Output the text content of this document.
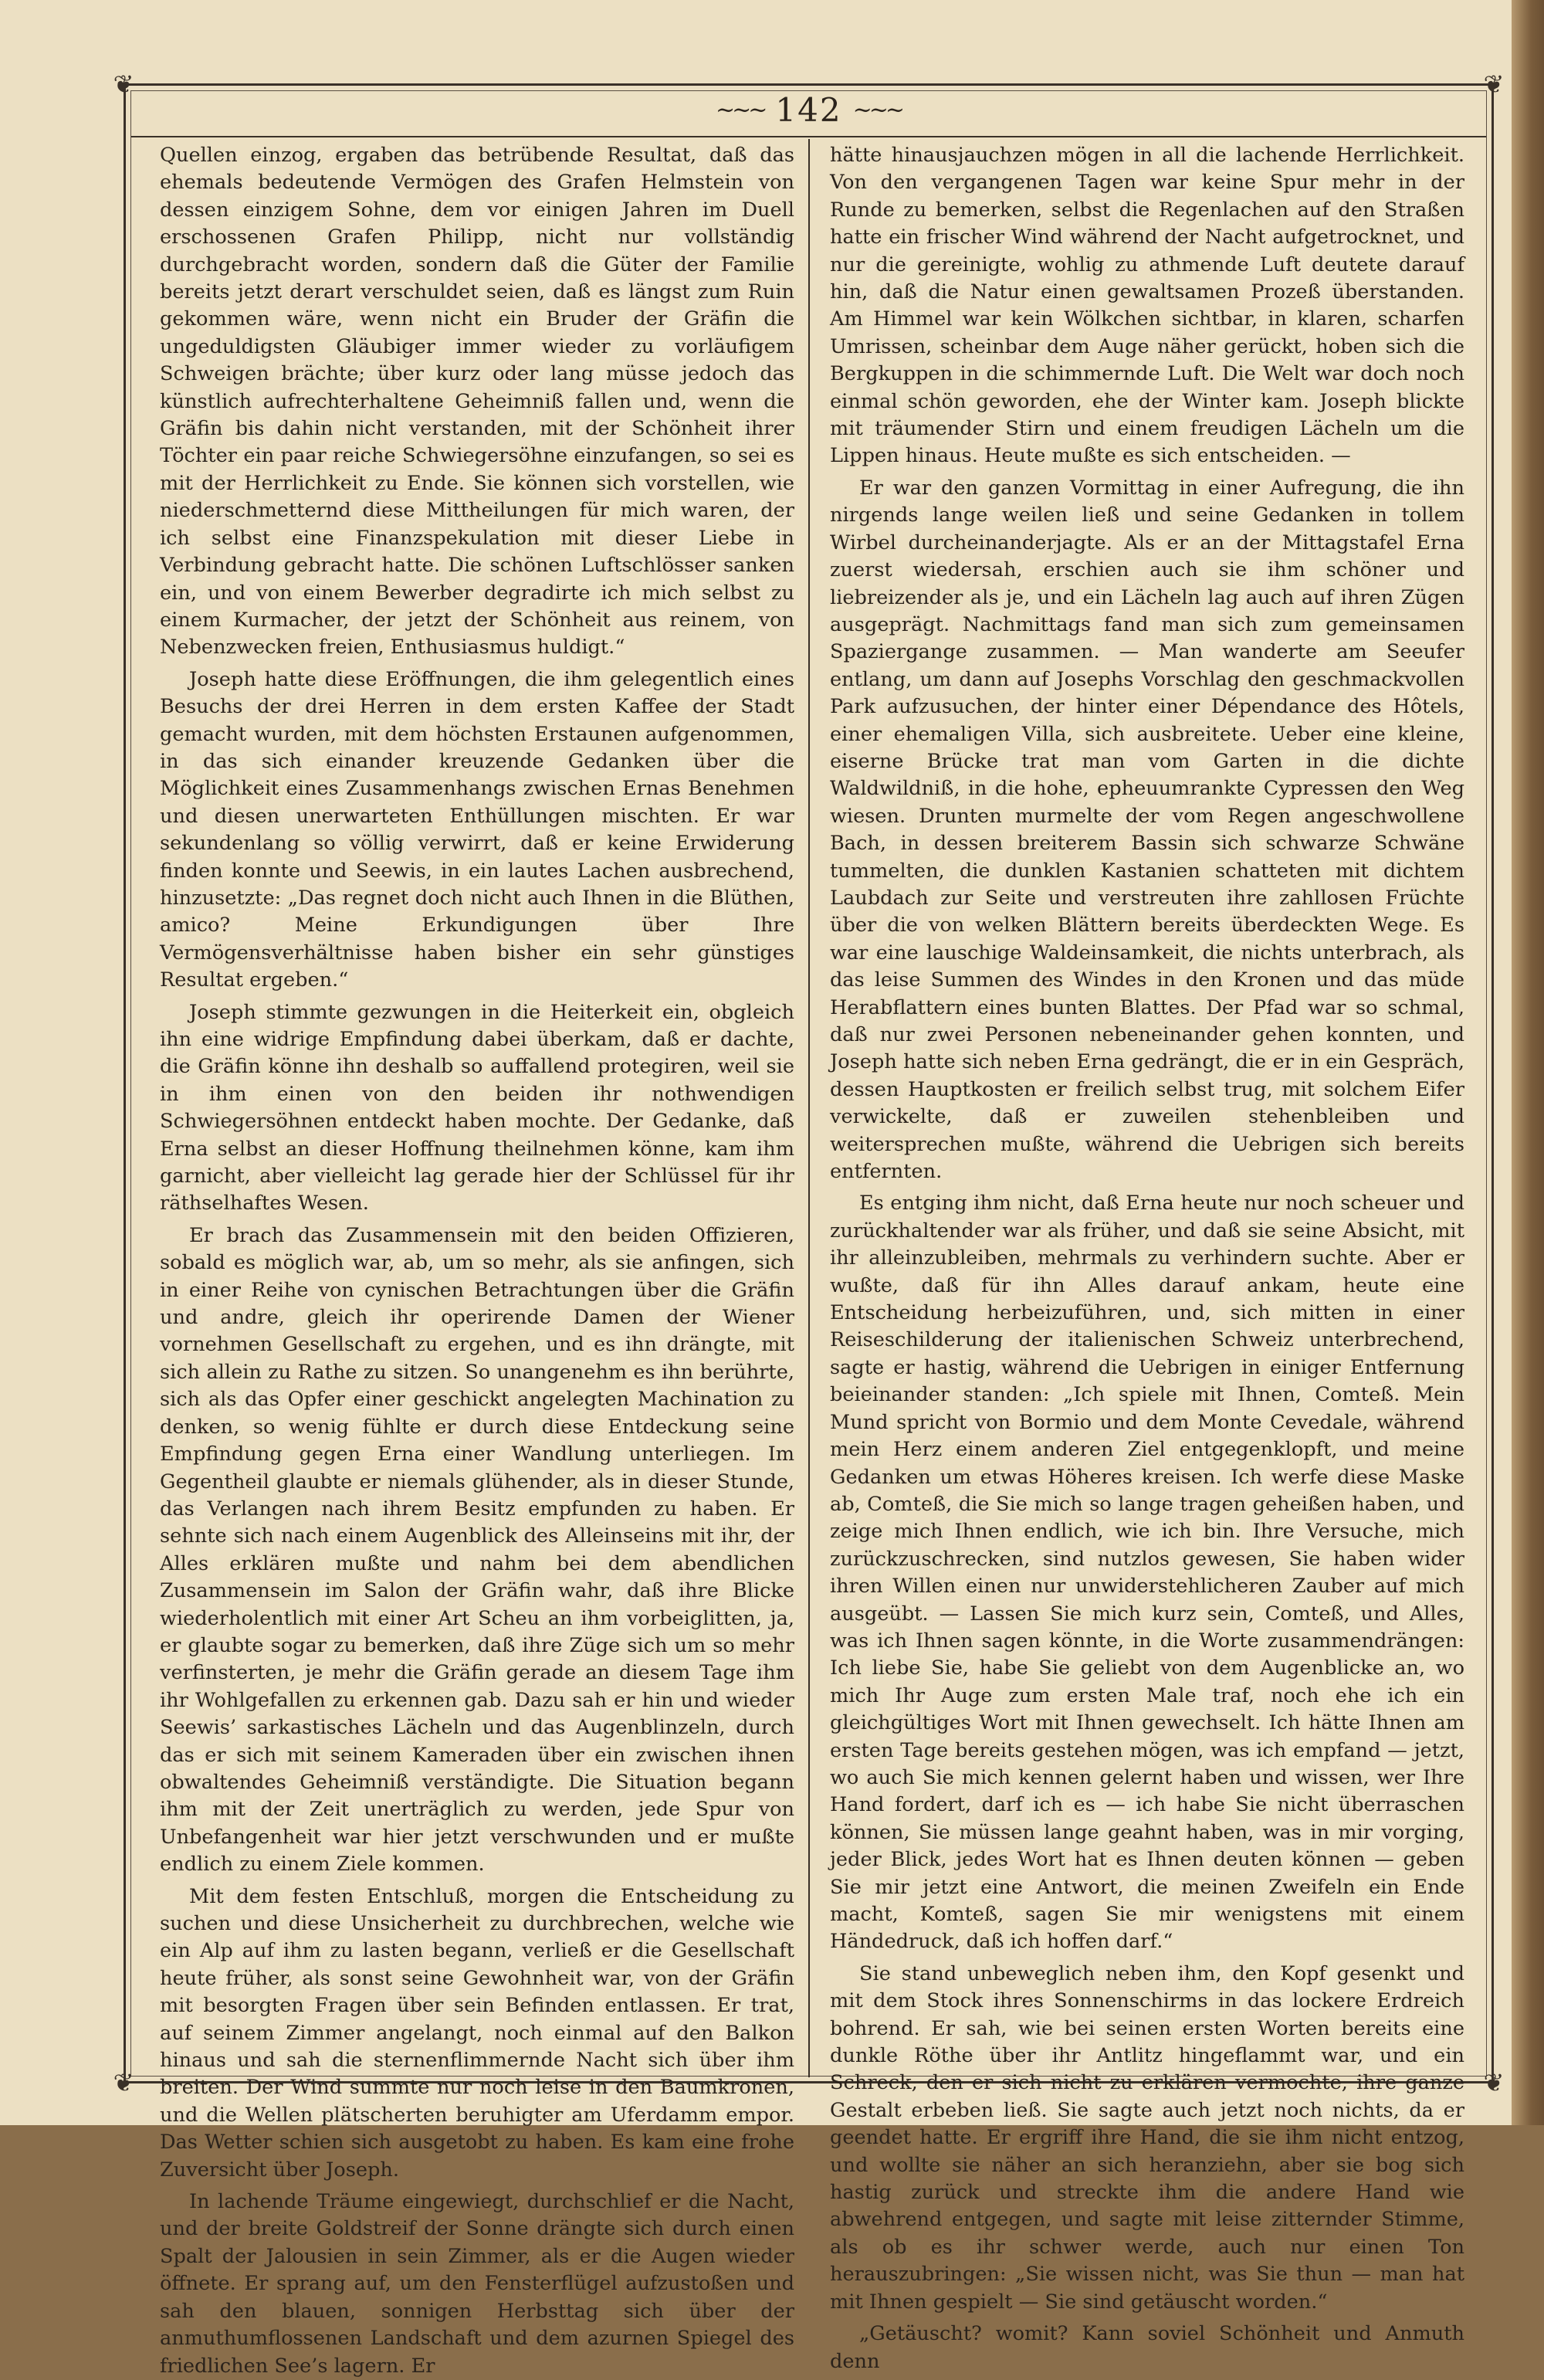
❦	❦
❦	❦
~~~ 142 ~~~

Quellen einzog, ergaben das betrübende Resultat, daß das ehemals bedeutende Vermögen des Grafen Helmstein von dessen einzigem Sohne, dem vor einigen Jahren im Duell erschossenen Grafen Philipp, nicht nur vollständig durchgebracht worden, sondern daß die Güter der Familie bereits jetzt derart verschuldet seien, daß es längst zum Ruin gekommen wäre, wenn nicht ein Bruder der Gräfin die ungeduldigsten Gläubiger immer wieder zu vorläufigem Schweigen brächte; über kurz oder lang müsse jedoch das künstlich aufrechterhaltene Geheimniß fallen und, wenn die Gräfin bis dahin nicht verstanden, mit der Schönheit ihrer Töchter ein paar reiche Schwiegersöhne einzufangen, so sei es mit der Herrlichkeit zu Ende. Sie können sich vorstellen, wie niederschmetternd diese Mittheilungen für mich waren, der ich selbst eine Finanzspekulation mit dieser Liebe in Verbindung gebracht hatte. Die schönen Luftschlösser sanken ein, und von einem Bewerber degradirte ich mich selbst zu einem Kurmacher, der jetzt der Schönheit aus reinem, von Nebenzwecken freien, Enthusiasmus huldigt.“

Joseph hatte diese Eröffnungen, die ihm gelegentlich eines Besuchs der drei Herren in dem ersten Kaffee der Stadt gemacht wurden, mit dem höchsten Erstaunen aufgenommen, in das sich einander kreuzende Gedanken über die Möglichkeit eines Zusammenhangs zwischen Ernas Benehmen und diesen unerwarteten Enthüllungen mischten. Er war sekundenlang so völlig verwirrt, daß er keine Erwiderung finden konnte und Seewis, in ein lautes Lachen ausbrechend, hinzusetzte: „Das regnet doch nicht auch Ihnen in die Blüthen, amico? Meine Erkundigungen über Ihre Vermögensverhältnisse haben bisher ein sehr günstiges Resultat ergeben.“

Joseph stimmte gezwungen in die Heiterkeit ein, obgleich ihn eine widrige Empfindung dabei überkam, daß er dachte, die Gräfin könne ihn deshalb so auffallend protegiren, weil sie in ihm einen von den beiden ihr nothwendigen Schwiegersöhnen entdeckt haben mochte. Der Gedanke, daß Erna selbst an dieser Hoffnung theilnehmen könne, kam ihm garnicht, aber vielleicht lag gerade hier der Schlüssel für ihr räthselhaftes Wesen.

Er brach das Zusammensein mit den beiden Offizieren, sobald es möglich war, ab, um so mehr, als sie anfingen, sich in einer Reihe von cynischen Betrachtungen über die Gräfin und andre, gleich ihr operirende Damen der Wiener vornehmen Gesellschaft zu ergehen, und es ihn drängte, mit sich allein zu Rathe zu sitzen. So unangenehm es ihn berührte, sich als das Opfer einer geschickt angelegten Machination zu denken, so wenig fühlte er durch diese Entdeckung seine Empfindung gegen Erna einer Wandlung unterliegen. Im Gegentheil glaubte er niemals glühender, als in dieser Stunde, das Verlangen nach ihrem Besitz empfunden zu haben. Er sehnte sich nach einem Augenblick des Alleinseins mit ihr, der Alles erklären mußte und nahm bei dem abendlichen Zusammensein im Salon der Gräfin wahr, daß ihre Blicke wiederholentlich mit einer Art Scheu an ihm vorbeiglitten, ja, er glaubte sogar zu bemerken, daß ihre Züge sich um so mehr verfinsterten, je mehr die Gräfin gerade an diesem Tage ihm ihr Wohlgefallen zu erkennen gab. Dazu sah er hin und wieder Seewis’ sarkastisches Lächeln und das Augenblinzeln, durch das er sich mit seinem Kameraden über ein zwischen ihnen obwaltendes Geheimniß verständigte. Die Situation begann ihm mit der Zeit unerträglich zu werden, jede Spur von Unbefangenheit war hier jetzt verschwunden und er mußte endlich zu einem Ziele kommen.

Mit dem festen Entschluß, morgen die Entscheidung zu suchen und diese Unsicherheit zu durchbrechen, welche wie ein Alp auf ihm zu lasten begann, verließ er die Gesellschaft heute früher, als sonst seine Gewohnheit war, von der Gräfin mit besorgten Fragen über sein Befinden entlassen. Er trat, auf seinem Zimmer angelangt, noch einmal auf den Balkon hinaus und sah die sternenflimmernde Nacht sich über ihm breiten. Der Wind summte nur noch leise in den Baumkronen, und die Wellen plätscherten beruhigter am Uferdamm empor. Das Wetter schien sich ausgetobt zu haben. Es kam eine frohe Zuversicht über Joseph.

In lachende Träume eingewiegt, durchschlief er die Nacht, und der breite Goldstreif der Sonne drängte sich durch einen Spalt der Jalousien in sein Zimmer, als er die Augen wieder öffnete. Er sprang auf, um den Fensterflügel aufzustoßen und sah den blauen, sonnigen Herbsttag sich über der anmuthumflossenen Landschaft und dem azurnen Spiegel des friedlichen See’s lagern. Er

hätte hinausjauchzen mögen in all die lachende Herrlichkeit. Von den vergangenen Tagen war keine Spur mehr in der Runde zu bemerken, selbst die Regenlachen auf den Straßen hatte ein frischer Wind während der Nacht aufgetrocknet, und nur die gereinigte, wohlig zu athmende Luft deutete darauf hin, daß die Natur einen gewaltsamen Prozeß überstanden. Am Himmel war kein Wölkchen sichtbar, in klaren, scharfen Umrissen, scheinbar dem Auge näher gerückt, hoben sich die Bergkuppen in die schimmernde Luft. Die Welt war doch noch einmal schön geworden, ehe der Winter kam. Joseph blickte mit träumender Stirn und einem freudigen Lächeln um die Lippen hinaus. Heute mußte es sich entscheiden. —

Er war den ganzen Vormittag in einer Aufregung, die ihn nirgends lange weilen ließ und seine Gedanken in tollem Wirbel durcheinanderjagte. Als er an der Mittagstafel Erna zuerst wiedersah, erschien auch sie ihm schöner und liebreizender als je, und ein Lächeln lag auch auf ihren Zügen ausgeprägt. Nachmittags fand man sich zum gemeinsamen Spaziergange zusammen. — Man wanderte am Seeufer entlang, um dann auf Josephs Vorschlag den geschmackvollen Park aufzusuchen, der hinter einer Dépendance des Hôtels, einer ehemaligen Villa, sich ausbreitete. Ueber eine kleine, eiserne Brücke trat man vom Garten in die dichte Waldwildniß, in die hohe, epheuumrankte Cypressen den Weg wiesen. Drunten murmelte der vom Regen angeschwollene Bach, in dessen breiterem Bassin sich schwarze Schwäne tummelten, die dunklen Kastanien schatteten mit dichtem Laubdach zur Seite und verstreuten ihre zahllosen Früchte über die von welken Blättern bereits überdeckten Wege. Es war eine lauschige Waldeinsamkeit, die nichts unterbrach, als das leise Summen des Windes in den Kronen und das müde Herabflattern eines bunten Blattes. Der Pfad war so schmal, daß nur zwei Personen nebeneinander gehen konnten, und Joseph hatte sich neben Erna gedrängt, die er in ein Gespräch, dessen Hauptkosten er freilich selbst trug, mit solchem Eifer verwickelte, daß er zuweilen stehenbleiben und weitersprechen mußte, während die Uebrigen sich bereits entfernten.

Es entging ihm nicht, daß Erna heute nur noch scheuer und zurückhaltender war als früher, und daß sie seine Absicht, mit ihr alleinzubleiben, mehrmals zu verhindern suchte. Aber er wußte, daß für ihn Alles darauf ankam, heute eine Entscheidung herbeizuführen, und, sich mitten in einer Reiseschilderung der italienischen Schweiz unterbrechend, sagte er hastig, während die Uebrigen in einiger Entfernung beieinander standen: „Ich spiele mit Ihnen, Comteß. Mein Mund spricht von Bormio und dem Monte Cevedale, während mein Herz einem anderen Ziel entgegenklopft, und meine Gedanken um etwas Höheres kreisen. Ich werfe diese Maske ab, Comteß, die Sie mich so lange tragen geheißen haben, und zeige mich Ihnen endlich, wie ich bin. Ihre Versuche, mich zurückzuschrecken, sind nutzlos gewesen, Sie haben wider ihren Willen einen nur unwiderstehlicheren Zauber auf mich ausgeübt. — Lassen Sie mich kurz sein, Comteß, und Alles, was ich Ihnen sagen könnte, in die Worte zusammendrängen: Ich liebe Sie, habe Sie geliebt von dem Augenblicke an, wo mich Ihr Auge zum ersten Male traf, noch ehe ich ein gleichgültiges Wort mit Ihnen gewechselt. Ich hätte Ihnen am ersten Tage bereits gestehen mögen, was ich empfand — jetzt, wo auch Sie mich kennen gelernt haben und wissen, wer Ihre Hand fordert, darf ich es — ich habe Sie nicht überraschen können, Sie müssen lange geahnt haben, was in mir vorging, jeder Blick, jedes Wort hat es Ihnen deuten können — geben Sie mir jetzt eine Antwort, die meinen Zweifeln ein Ende macht, Komteß, sagen Sie mir wenigstens mit einem Händedruck, daß ich hoffen darf.“

Sie stand unbeweglich neben ihm, den Kopf gesenkt und mit dem Stock ihres Sonnenschirms in das lockere Erdreich bohrend. Er sah, wie bei seinen ersten Worten bereits eine dunkle Röthe über ihr Antlitz hingeflammt war, und ein Schreck, den er sich nicht zu erklären vermochte, ihre ganze Gestalt erbeben ließ. Sie sagte auch jetzt noch nichts, da er geendet hatte. Er ergriff ihre Hand, die sie ihm nicht entzog, und wollte sie näher an sich heranziehn, aber sie bog sich hastig zurück und streckte ihm die andere Hand wie abwehrend entgegen, und sagte mit leise zitternder Stimme, als ob es ihr schwer werde, auch nur einen Ton herauszubringen: „Sie wissen nicht, was Sie thun — man hat mit Ihnen gespielt — Sie sind getäuscht worden.“

„Getäuscht? womit? Kann soviel Schönheit und Anmuth denn
